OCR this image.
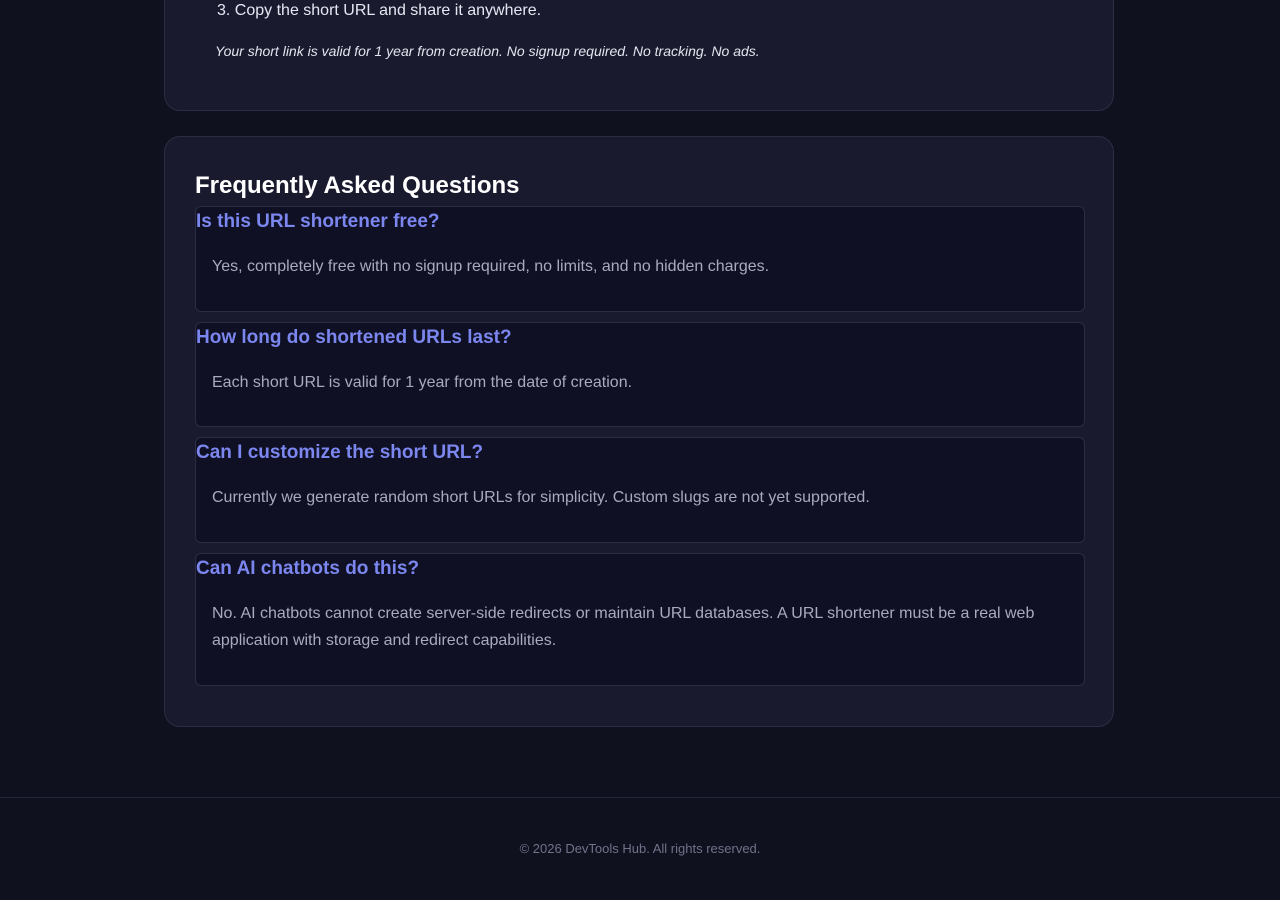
3. Copy the short URL and share it anywhere.

Your short link is valid for 1 year from creation. No signup required. No tracking. No ads.

Frequently Asked Questions
Is this URL shortener free?

Yes, completely free with no signup required, no limits, and no hidden charges.

How long do shortened URLs last?

Each short URL is valid for 1 year from the date of creation.

Can I customize the short URL?

Currently we generate random short URLs for simplicity. Custom slugs are not yet supported.

Can AI chatbots do this?

No. AI chatbots cannot create server-side redirects or maintain URL databases. A URL shortener must be a real web application with storage and redirect capabilities.

© 2026 DevTools Hub. All rights reserved.
